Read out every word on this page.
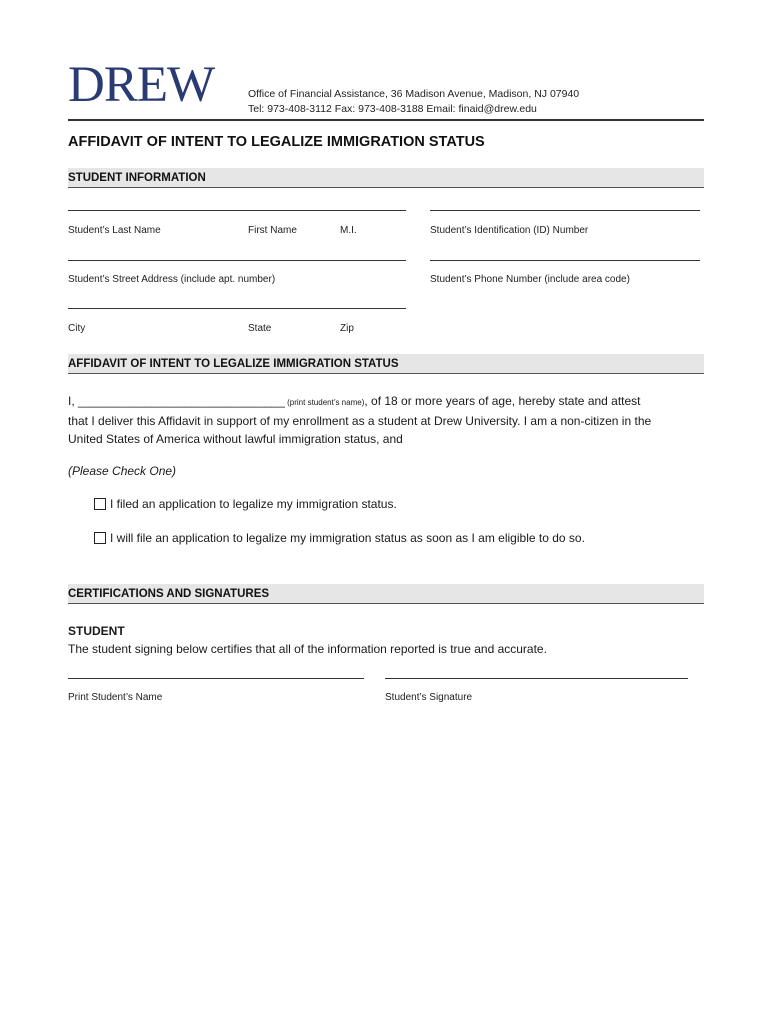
DREW	Office of Financial Assistance, 36 Madison Avenue, Madison, NJ 07940
Tel: 973-408-3112 Fax: 973-408-3188 Email: finaid@drew.edu
AFFIDAVIT OF INTENT TO LEGALIZE IMMIGRATION STATUS
STUDENT INFORMATION
Student’s Last Name	First Name	M.I.	Student’s Identification (ID) Number
Student’s Street Address (include apt. number)	Student’s Phone Number (include area code)
City	State	Zip
AFFIDAVIT OF INTENT TO LEGALIZE IMMIGRATION STATUS
I, _______________________________ (print student’s name), of 18 or more years of age, hereby state and attest
that I deliver this Affidavit in support of my enrollment as a student at Drew University. I am a non-citizen in the
United States of America without lawful immigration status, and
(Please Check One)
I filed an application to legalize my immigration status.
I will file an application to legalize my immigration status as soon as I am eligible to do so.
CERTIFICATIONS AND SIGNATURES
STUDENT
The student signing below certifies that all of the information reported is true and accurate.
Print Student’s Name	Student’s Signature
